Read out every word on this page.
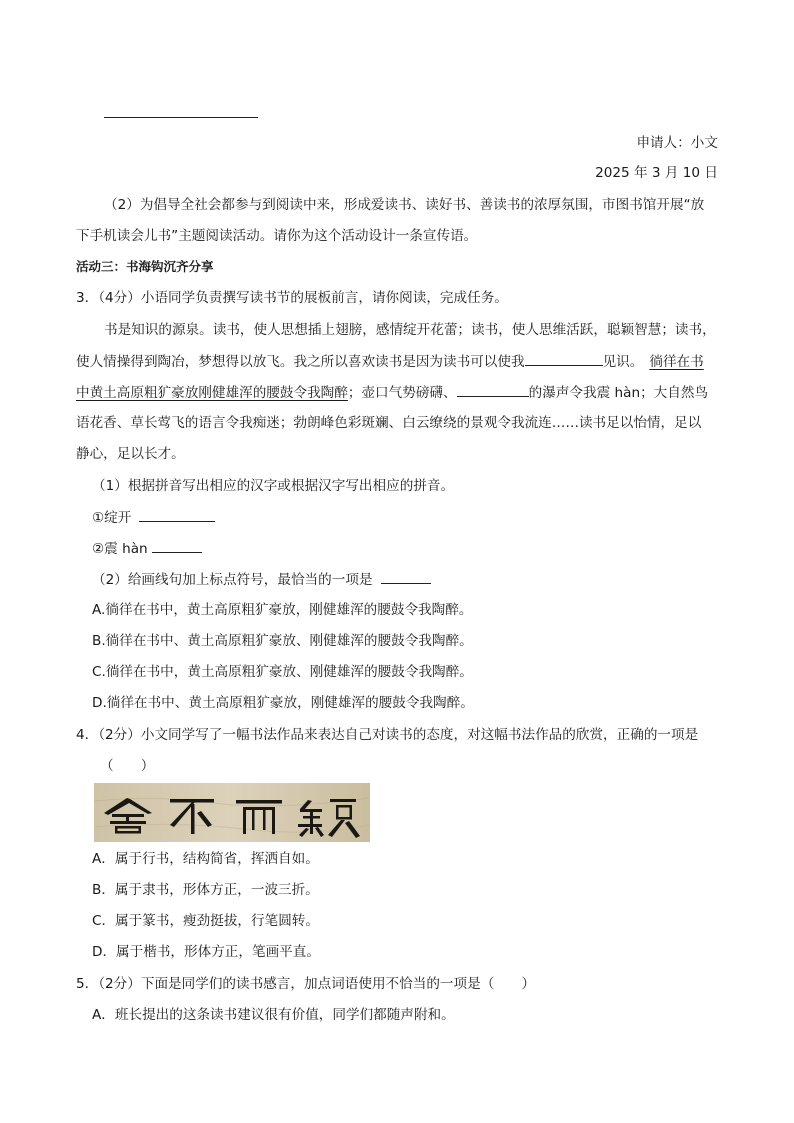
申请人：小文
2025 年 3 月 10 日
（2）为倡导全社会都参与到阅读中来，形成爱读书、读好书、善读书的浓厚氛围，市图书馆开展“放
下手机读会儿书”主题阅读活动。请你为这个活动设计一条宣传语。
活动三：书海钩沉齐分享
3．（4分）小语同学负责撰写读书节的展板前言，请你阅读，完成任务。
书是知识的源泉。读书，使人思想插上翅膀，感情绽开花蕾；读书，使人思维活跃，聪颖智慧；读书，
使人情操得到陶冶，梦想得以放飞。我之所以喜欢读书是因为读书可以使我	见识。 徜徉在书
中黄土高原粗犷豪放刚健雄浑的腰鼓令我陶醉；壶口气势磅礴、	的瀑声令我震 hàn；大自然鸟
语花香、草长莺飞的语言令我痴迷；勃朗峰色彩斑斓、白云缭绕的景观令我流连……读书足以怡情，足以
静心，足以长才。
（1）根据拼音写出相应的汉字或根据汉字写出相应的拼音。
①绽开
②震 hàn
（2）给画线句加上标点符号，最恰当的一项是
A.徜徉在书中，黄土高原粗犷豪放，刚健雄浑的腰鼓令我陶醉。
B.徜徉在书中、黄土高原粗犷豪放、刚健雄浑的腰鼓令我陶醉。
C.徜徉在书中，黄土高原粗犷豪放、刚健雄浑的腰鼓令我陶醉。
D.徜徉在书中、黄土高原粗犷豪放，刚健雄浑的腰鼓令我陶醉。
4．（2分）小文同学写了一幅书法作品来表达自己对读书的态度，对这幅书法作品的欣赏，正确的一项是
（　　）
A．属于行书，结构简省，挥洒自如。
B．属于隶书，形体方正，一波三折。
C．属于篆书，瘦劲挺拔，行笔圆转。
D．属于楷书，形体方正，笔画平直。
5．（2分）下面是同学们的读书感言，加点词语使用不恰当的一项是（　　）
A．班长提出的这条读书建议很有价值，同学们都随声附和。
